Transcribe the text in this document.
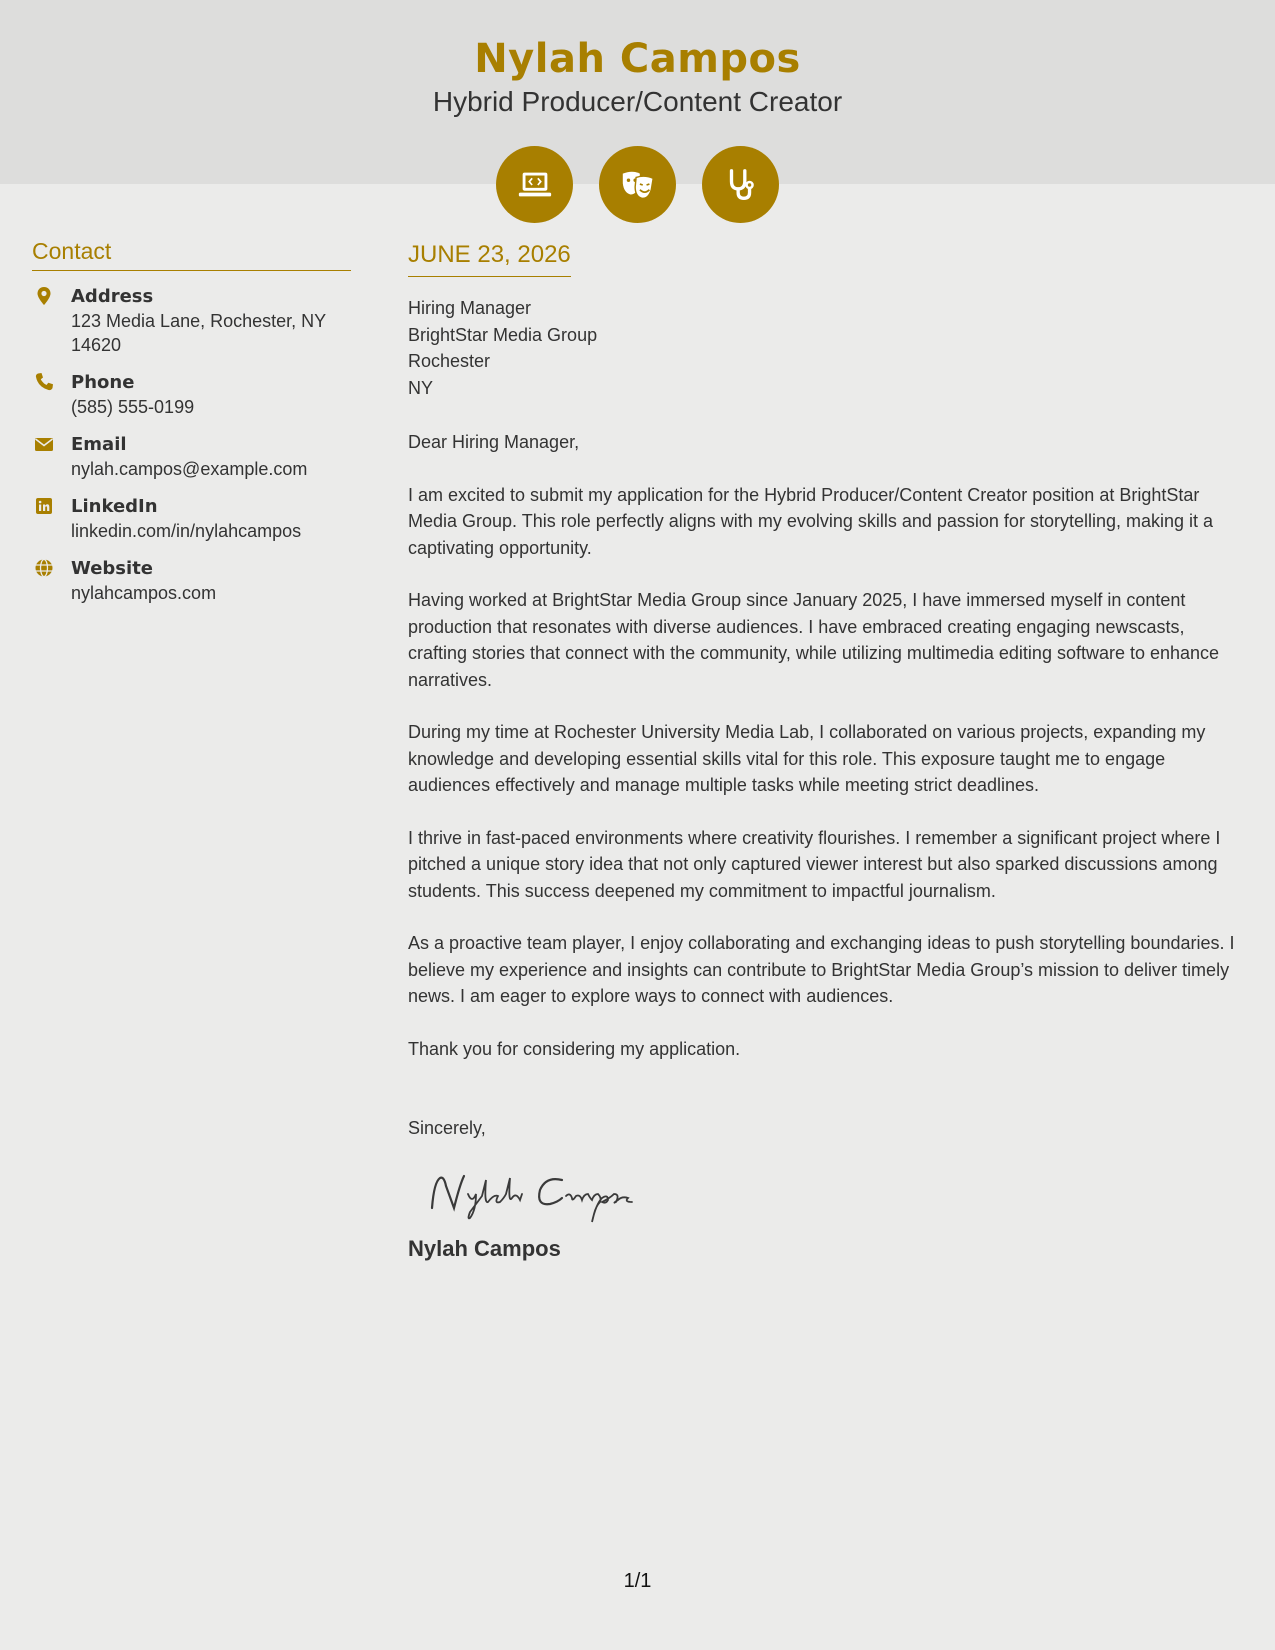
Nylah Campos
Hybrid Producer/Content Creator
Contact
Address
123 Media Lane, Rochester, NY 14620
Phone
(585) 555-0199
Email
nylah.campos@example.com
LinkedIn
linkedin.com/in/nylahcampos
Website
nylahcampos.com
JUNE 23, 2026
Hiring Manager
BrightStar Media Group
Rochester
NY
Dear Hiring Manager,
I am excited to submit my application for the Hybrid Producer/Content Creator position at BrightStar Media Group. This role perfectly aligns with my evolving skills and passion for storytelling, making it a captivating opportunity.
Having worked at BrightStar Media Group since January 2025, I have immersed myself in content production that resonates with diverse audiences. I have embraced creating engaging newscasts, crafting stories that connect with the community, while utilizing multimedia editing software to enhance narratives.
During my time at Rochester University Media Lab, I collaborated on various projects, expanding my knowledge and developing essential skills vital for this role. This exposure taught me to engage audiences effectively and manage multiple tasks while meeting strict deadlines.
I thrive in fast-paced environments where creativity flourishes. I remember a significant project where I pitched a unique story idea that not only captured viewer interest but also sparked discussions among students. This success deepened my commitment to impactful journalism.
As a proactive team player, I enjoy collaborating and exchanging ideas to push storytelling boundaries. I believe my experience and insights can contribute to BrightStar Media Group’s mission to deliver timely news. I am eager to explore ways to connect with audiences.
Thank you for considering my application.
Sincerely,
Nylah Campos
1/1
